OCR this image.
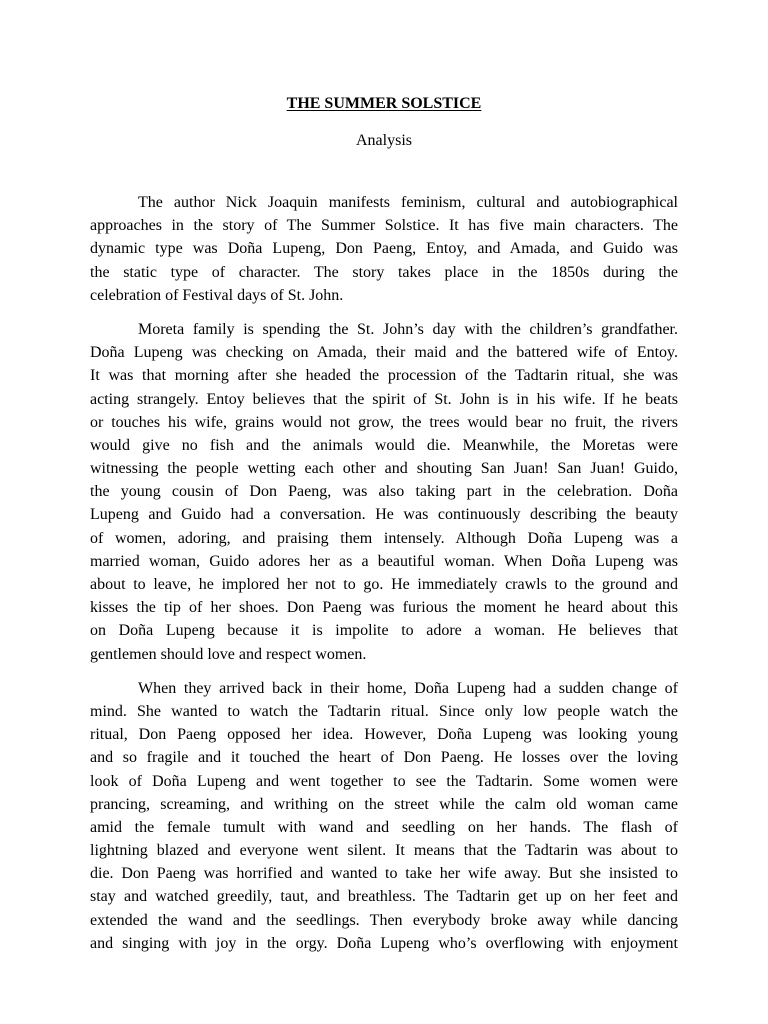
THE SUMMER SOLSTICE
Analysis
The author Nick Joaquin manifests feminism, cultural and autobiographical
approaches in the story of The Summer Solstice. It has five main characters. The
dynamic type was Doña Lupeng, Don Paeng, Entoy, and Amada, and Guido was
the static type of character. The story takes place in the 1850s during the
celebration of Festival days of St. John.
Moreta family is spending the St. John’s day with the children’s grandfather.
Doña Lupeng was checking on Amada, their maid and the battered wife of Entoy.
It was that morning after she headed the procession of the Tadtarin ritual, she was
acting strangely. Entoy believes that the spirit of St. John is in his wife. If he beats
or touches his wife, grains would not grow, the trees would bear no fruit, the rivers
would give no fish and the animals would die. Meanwhile, the Moretas were
witnessing the people wetting each other and shouting San Juan! San Juan! Guido,
the young cousin of Don Paeng, was also taking part in the celebration. Doña
Lupeng and Guido had a conversation. He was continuously describing the beauty
of women, adoring, and praising them intensely. Although Doña Lupeng was a
married woman, Guido adores her as a beautiful woman. When Doña Lupeng was
about to leave, he implored her not to go. He immediately crawls to the ground and
kisses the tip of her shoes. Don Paeng was furious the moment he heard about this
on Doña Lupeng because it is impolite to adore a woman. He believes that
gentlemen should love and respect women.
When they arrived back in their home, Doña Lupeng had a sudden change of
mind. She wanted to watch the Tadtarin ritual. Since only low people watch the
ritual, Don Paeng opposed her idea. However, Doña Lupeng was looking young
and so fragile and it touched the heart of Don Paeng. He losses over the loving
look of Doña Lupeng and went together to see the Tadtarin. Some women were
prancing, screaming, and writhing on the street while the calm old woman came
amid the female tumult with wand and seedling on her hands. The flash of
lightning blazed and everyone went silent. It means that the Tadtarin was about to
die. Don Paeng was horrified and wanted to take her wife away. But she insisted to
stay and watched greedily, taut, and breathless. The Tadtarin get up on her feet and
extended the wand and the seedlings. Then everybody broke away while dancing
and singing with joy in the orgy. Doña Lupeng who’s overflowing with enjoyment
